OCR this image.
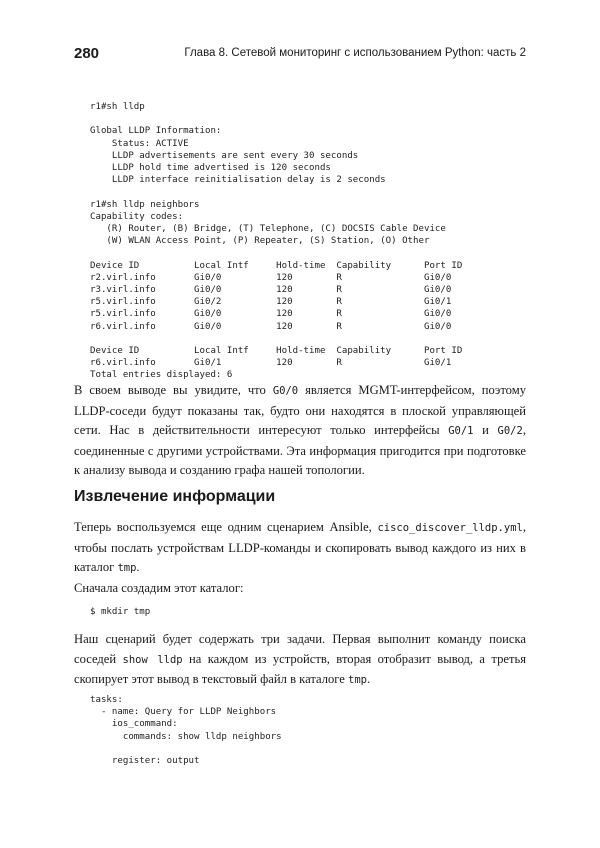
280	Глава 8. Сетевой мониторинг с использованием Python: часть 2
r1#sh lldp

Global LLDP Information:
Status: ACTIVE
LLDP advertisements are sent every 30 seconds
LLDP hold time advertised is 120 seconds
LLDP interface reinitialisation delay is 2 seconds

r1#sh lldp neighbors
Capability codes:
(R) Router, (B) Bridge, (T) Telephone, (C) DOCSIS Cable Device
(W) WLAN Access Point, (P) Repeater, (S) Station, (O) Other

Device ID          Local Intf     Hold-time  Capability      Port ID
r2.virl.info       Gi0/0          120        R               Gi0/0
r3.virl.info       Gi0/0          120        R               Gi0/0
r5.virl.info       Gi0/2          120        R               Gi0/1
r5.virl.info       Gi0/0          120        R               Gi0/0
r6.virl.info       Gi0/0          120        R               Gi0/0

Device ID          Local Intf     Hold-time  Capability      Port ID
r6.virl.info       Gi0/1          120        R               Gi0/1
Total entries displayed: 6

В своем выводе вы увидите, что G0/0 является MGMT-интерфейсом, поэтому LLDP-соседи будут показаны так, будто они находятся в плоской управляющей сети. Нас в действительности интересуют только интерфейсы G0/1 и G0/2, соединенные с другими устройствами. Эта информация пригодится при подготовке к анализу вывода и созданию графа нашей топологии.

Извлечение информации

Теперь воспользуемся еще одним сценарием Ansible, cisco_discover_lldp.yml, чтобы послать устройствам LLDP-команды и скопировать вывод каждого из них в каталог tmp.

Сначала создадим этот каталог:

$ mkdir tmp

Наш сценарий будет содержать три задачи. Первая выполнит команду поиска соседей show lldp на каждом из устройств, вторая отобразит вывод, а третья скопирует этот вывод в текстовый файл в каталоге tmp.

tasks:
- name: Query for LLDP Neighbors
ios_command:
commands: show lldp neighbors

register: output
